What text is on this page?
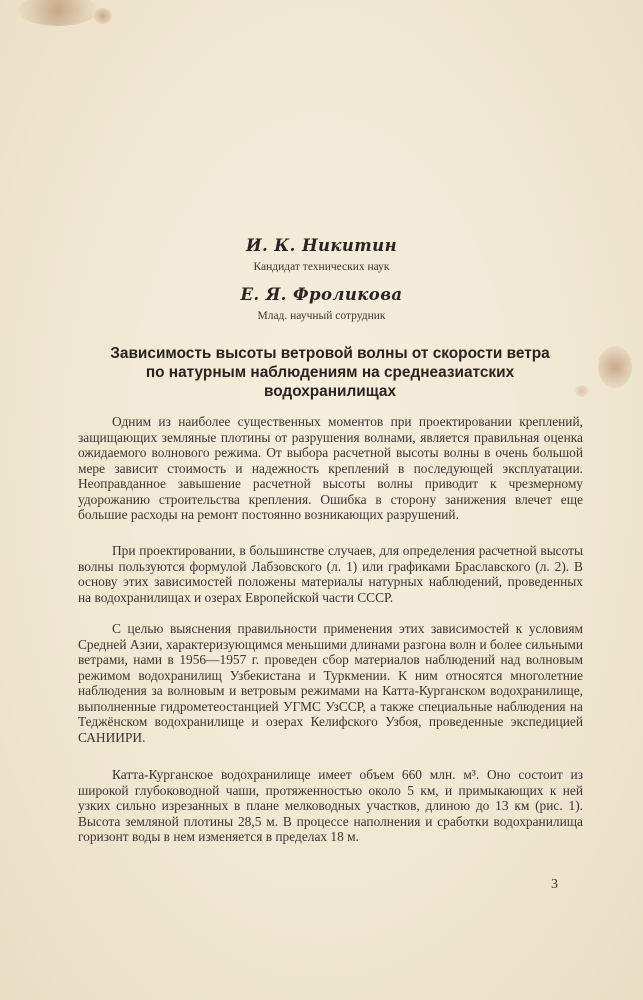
И. К. Никитин
Кандидат технических наук
Е. Я. Фроликова
Млад. научный сотрудник
Зависимость высоты ветровой волны от скорости ветра
по натурным наблюдениям на среднеазиатских
водохранилищах

Одним из наиболее существенных моментов при проектировании креплений, защищающих земляные плотины от разрушения волнами, является правильная оценка ожидаемого волнового режима. От выбора расчетной высоты волны в очень большой мере зависит стоимость и надежность креплений в последующей эксплуатации. Неоправданное завышение расчетной высоты волны приводит к чрезмерному удорожанию строительства крепления. Ошибка в сторону занижения влечет еще большие расходы на ремонт постоянно возникающих разрушений.

При проектировании, в большинстве случаев, для определения расчетной высоты волны пользуются формулой Лабзовского (л. 1) или графиками Браславского (л. 2). В основу этих зависимостей положены материалы натурных наблюдений, проведенных на водохранилищах и озерах Европейской части СССР.

С целью выяснения правильности применения этих зависимостей к условиям Средней Азии, характеризующимся меньшими длинами разгона волн и более сильными ветрами, нами в 1956—1957 г. проведен сбор материалов наблюдений над волновым режимом водохранилищ Узбекистана и Туркмении. К ним относятся многолетние наблюдения за волновым и ветровым режимами на Катта-Курганском водохранилище, выполненные гидрометеостанцией УГМС УзССР, а также специальные наблюдения на Теджёнском водохранилище и озерах Келифского Узбоя, проведенные экспедицией САНИИРИ.

Катта-Курганское водохранилище имеет объем 660 млн. м³. Оно состоит из широкой глубоководной чаши, протяженностью около 5 км, и примыкающих к ней узких сильно изрезанных в плане мелководных участков, длиною до 13 км (рис. 1). Высота земляной плотины 28,5 м. В процессе наполнения и сработки водохранилища горизонт воды в нем изменяется в пределах 18 м.

3
